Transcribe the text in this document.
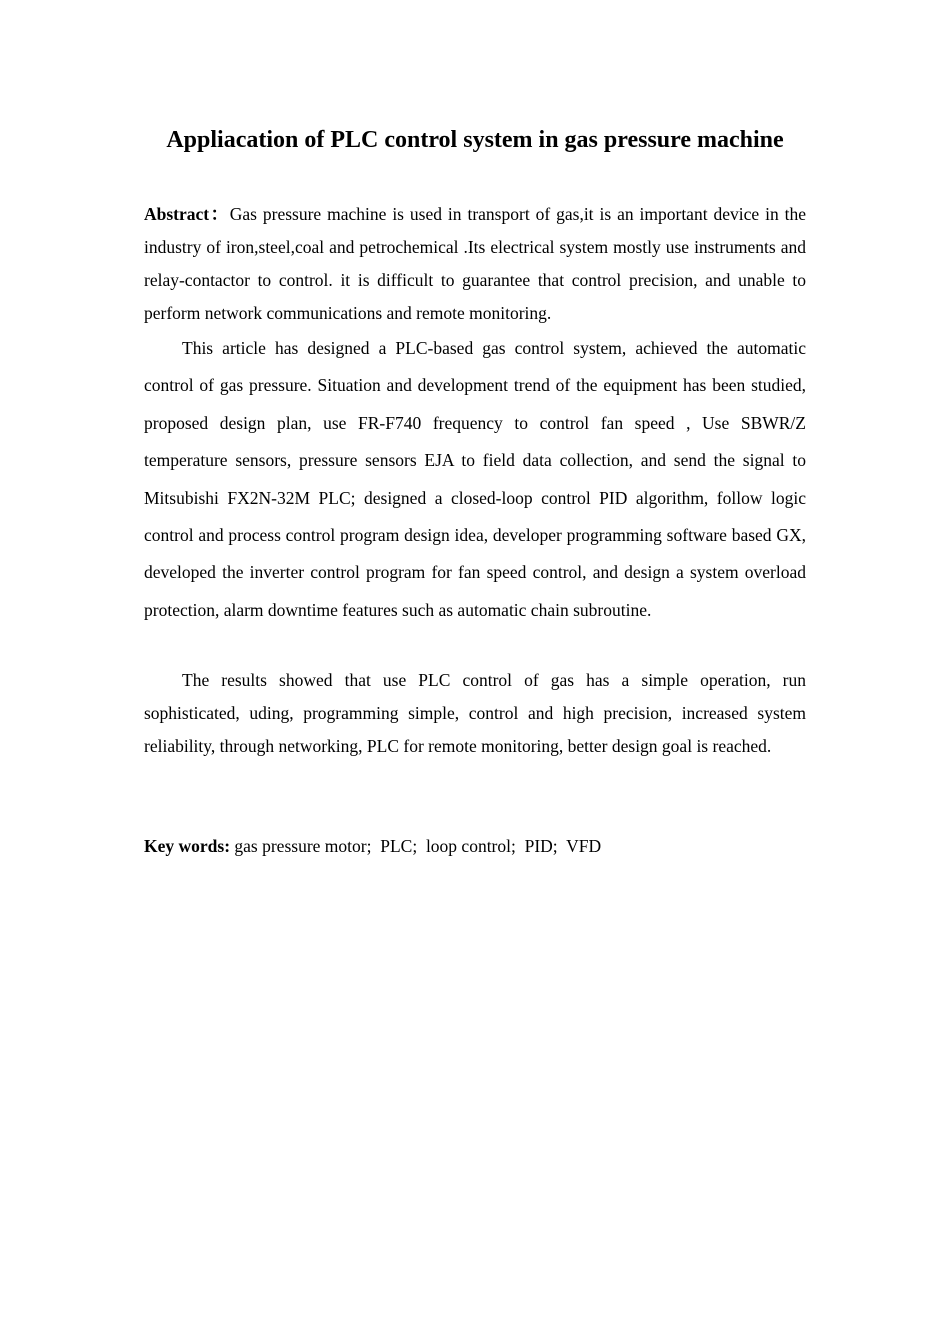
Appliacation of PLC control system in gas pressure machine

Abstract：Gas pressure machine is used in transport of gas,it is an important device in the industry of iron,steel,coal and petrochemical .Its electrical system mostly use instruments and relay-contactor to control. it is difficult to guarantee that control precision, and unable to perform network communications and remote monitoring.

This article has designed a PLC-based gas control system, achieved the automatic control of gas pressure. Situation and development trend of the equipment has been studied, proposed design plan, use FR-F740 frequency to control fan speed , Use SBWR/Z temperature sensors, pressure sensors EJA to field data collection, and send the signal to Mitsubishi FX2N-32M PLC; designed a closed-loop control PID algorithm, follow logic control and process control program design idea, developer programming software based GX, developed the inverter control program for fan speed control, and design a system overload protection, alarm downtime features such as automatic chain subroutine.

The results showed that use PLC control of gas has a simple operation, run sophisticated, uding, programming simple, control and high precision, increased system reliability, through networking, PLC for remote monitoring, better design goal is reached.

Key words: gas pressure motor; PLC; loop control; PID; VFD
